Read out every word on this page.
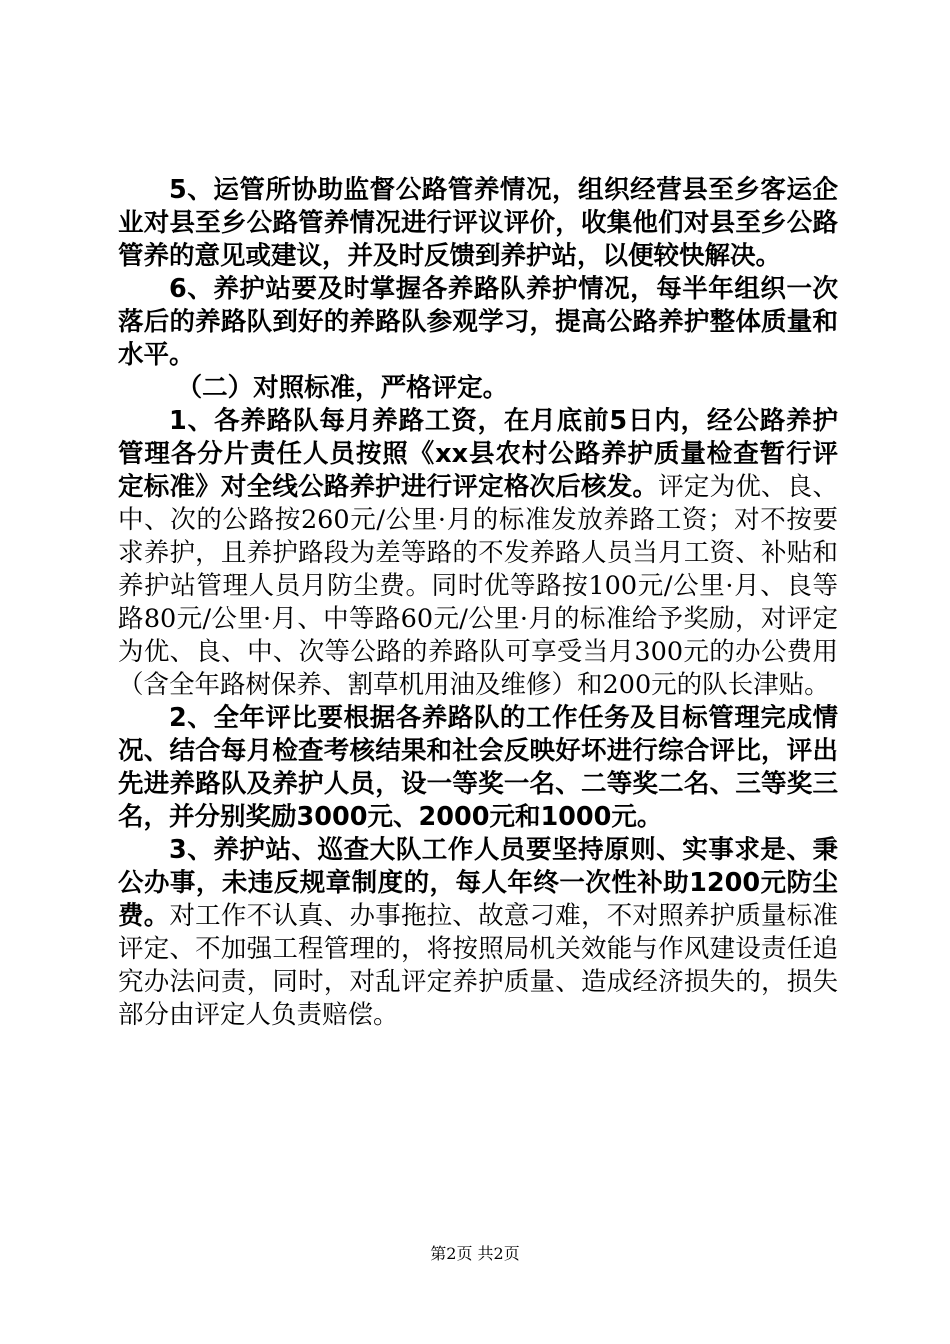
5、运管所协助监督公路管养情况，组织经营县至乡客运企业对县至乡公路管养情况进行评议评价，收集他们对县至乡公路管养的意见或建议，并及时反馈到养护站，以便较快解决。

6、养护站要及时掌握各养路队养护情况，每半年组织一次落后的养路队到好的养路队参观学习，提高公路养护整体质量和水平。

（二）对照标准，严格评定。

1、各养路队每月养路工资，在月底前5日内，经公路养护管理各分片责任人员按照《xx县农村公路养护质量检查暂行评定标准》对全线公路养护进行评定格次后核发。评定为优、良、中、次的公路按260元/公里·月的标准发放养路工资；对不按要求养护，且养护路段为差等路的不发养路人员当月工资、补贴和养护站管理人员月防尘费。同时优等路按100元/公里·月、良等路80元/公里·月、中等路60元/公里·月的标准给予奖励，对评定为优、良、中、次等公路的养路队可享受当月300元的办公费用（含全年路树保养、割草机用油及维修）和200元的队长津贴。

2、全年评比要根据各养路队的工作任务及目标管理完成情况、结合每月检查考核结果和社会反映好坏进行综合评比，评出先进养路队及养护人员，设一等奖一名、二等奖二名、三等奖三名，并分别奖励3000元、2000元和1000元。

3、养护站、巡查大队工作人员要坚持原则、实事求是、秉公办事，未违反规章制度的，每人年终一次性补助1200元防尘费。对工作不认真、办事拖拉、故意刁难，不对照养护质量标准评定、不加强工程管理的，将按照局机关效能与作风建设责任追究办法问责，同时，对乱评定养护质量、造成经济损失的，损失部分由评定人负责赔偿。

第2页 共2页
